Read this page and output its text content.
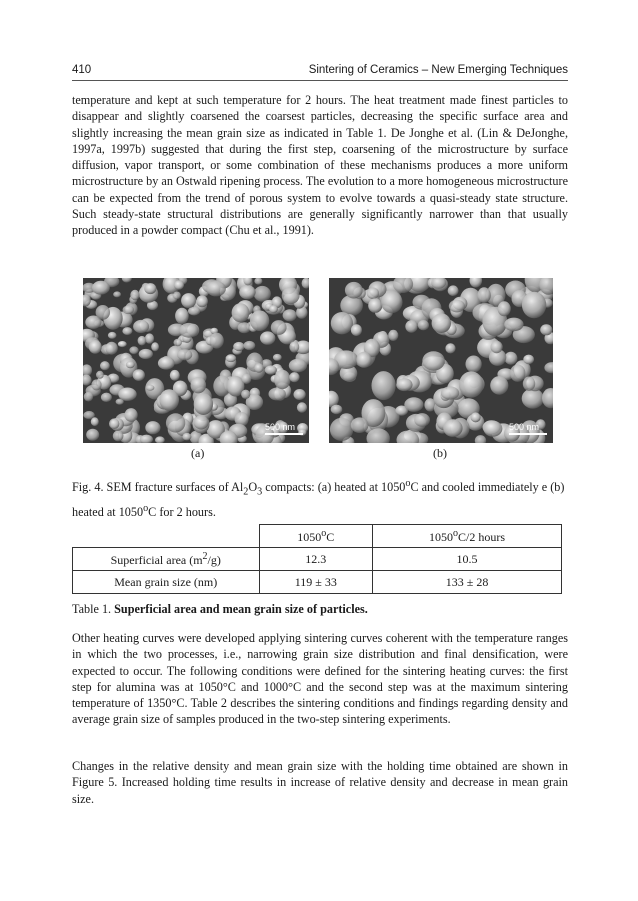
410	Sintering of Ceramics – New Emerging Techniques

temperature and kept at such temperature for 2 hours. The heat treatment made finest particles to disappear and slightly coarsened the coarsest particles, decreasing the specific surface area and slightly increasing the mean grain size as indicated in Table 1. De Jonghe et al. (Lin & DeJonghe, 1997a, 1997b) suggested that during the first step, coarsening of the microstructure by surface diffusion, vapor transport, or some combination of these mechanisms produces a more uniform microstructure by an Ostwald ripening process. The evolution to a more homogeneous microstructure can be expected from the trend of porous system to evolve towards a quasi-steady state structure. Such steady-state structural distributions are generally significantly narrower than that usually produced in a powder compact (Chu et al., 1991).

500 nm	500 nm
(a)	(b)

Fig. 4. SEM fracture surfaces of $Al_2O_3$ compacts: (a) heated at 1050$^o$C and cooled immediately e (b) heated at 1050$^o$C for 2 hours.

	1050$^o$C	1050$^o$C/2 hours
Superficial area $(m^2/g)$	12.3	10.5
Mean grain size (nm)	119 ± 33	133 ± 28
Table 1. Superficial area and mean grain size of particles.

Other heating curves were developed applying sintering curves coherent with the temperature ranges in which the two processes, i.e., narrowing grain size distribution and final densification, were expected to occur. The following conditions were defined for the sintering heating curves: the first step for alumina was at 1050°C and 1000°C and the second step was at the maximum sintering temperature of 1350°C. Table 2 describes the sintering conditions and findings regarding density and average grain size of samples produced in the two-step sintering experiments.

Changes in the relative density and mean grain size with the holding time obtained are shown in Figure 5. Increased holding time results in increase of relative density and decrease in mean grain size.
